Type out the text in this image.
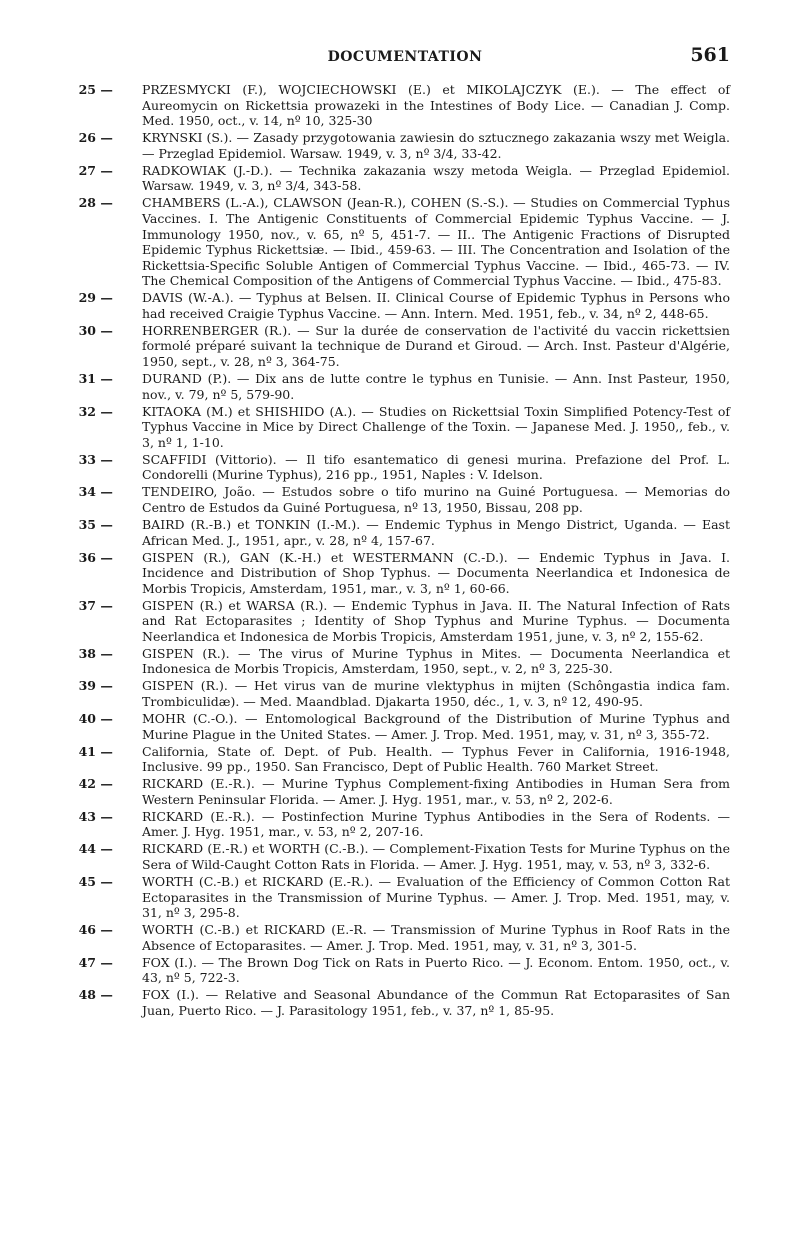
DOCUMENTATION	561
25 —	PRZESMYCKI (F.), WOJCIECHOWSKI (E.) et MIKOLAJCZYK (E.). — The effect of Aureomycin on Rickettsia prowazeki in the Intestines of Body Lice. — Canadian J. Comp. Med. 1950, oct., v. 14, nº 10, 325-30
26 —	KRYNSKI (S.). — Zasady przygotowania zawiesin do sztucznego zakazania wszy met Weigla. — Przeglad Epidemiol. Warsaw. 1949, v. 3, nº 3/4, 33-42.
27 —	RADKOWIAK (J.-D.). — Technika zakazania wszy metoda Weigla. — Przeglad Epidemiol. Warsaw. 1949, v. 3, nº 3/4, 343-58.
28 —	CHAMBERS (L.-A.), CLAWSON (Jean-R.), COHEN (S.-S.). — Studies on Commercial Typhus Vaccines. I. The Antigenic Constituents of Commercial Epidemic Typhus Vaccine. — J. Immunology 1950, nov., v. 65, nº 5, 451-7. — II.. The Antigenic Fractions of Disrupted Epidemic Typhus Rickettsiæ. — Ibid., 459-63. — III. The Concentration and Isolation of the Rickettsia-Specific Soluble Antigen of Commercial Typhus Vaccine. — Ibid., 465-73. — IV. The Chemical Composition of the Antigens of Commercial Typhus Vaccine. — Ibid., 475-83.
29 —	DAVIS (W.-A.). — Typhus at Belsen. II. Clinical Course of Epidemic Typhus in Persons who had received Craigie Typhus Vaccine. — Ann. Intern. Med. 1951, feb., v. 34, nº 2, 448-65.
30 —	HORRENBERGER (R.). — Sur la durée de conservation de l'activité du vaccin rickettsien formolé préparé suivant la technique de Durand et Giroud. — Arch. Inst. Pasteur d'Algérie, 1950, sept., v. 28, nº 3, 364-75.
31 —	DURAND (P.). — Dix ans de lutte contre le typhus en Tunisie. — Ann. Inst Pasteur, 1950, nov., v. 79, nº 5, 579-90.
32 —	KITAOKA (M.) et SHISHIDO (A.). — Studies on Rickettsial Toxin Simplified Potency-Test of Typhus Vaccine in Mice by Direct Challenge of the Toxin. — Japanese Med. J. 1950,, feb., v. 3, nº 1, 1-10.
33 —	SCAFFIDI (Vittorio). — Il tifo esantematico di genesi murina. Prefazione del Prof. L. Condorelli (Murine Typhus), 216 pp., 1951, Naples : V. Idelson.
34 —	TENDEIRO, João. — Estudos sobre o tifo murino na Guiné Portuguesa. — Memorias do Centro de Estudos da Guiné Portuguesa, nº 13, 1950, Bissau, 208 pp.
35 —	BAIRD (R.-B.) et TONKIN (I.-M.). — Endemic Typhus in Mengo District, Uganda. — East African Med. J., 1951, apr., v. 28, nº 4, 157-67.
36 —	GISPEN (R.), GAN (K.-H.) et WESTERMANN (C.-D.). — Endemic Typhus in Java. I. Incidence and Distribution of Shop Typhus. — Documenta Neerlandica et Indonesica de Morbis Tropicis, Amsterdam, 1951, mar., v. 3, nº 1, 60-66.
37 —	GISPEN (R.) et WARSA (R.). — Endemic Typhus in Java. II. The Natural Infection of Rats and Rat Ectoparasites ; Identity of Shop Typhus and Murine Typhus. — Documenta Neerlandica et Indonesica de Morbis Tropicis, Amsterdam 1951, june, v. 3, nº 2, 155-62.
38 —	GISPEN (R.). — The virus of Murine Typhus in Mites. — Documenta Neerlandica et Indonesica de Morbis Tropicis, Amsterdam, 1950, sept., v. 2, nº 3, 225-30.
39 —	GISPEN (R.). — Het virus van de murine vlektyphus in mijten (Schôngastia indica fam. Trombiculidæ). — Med. Maandblad. Djakarta 1950, déc., 1, v. 3, nº 12, 490-95.
40 —	MOHR (C.-O.). — Entomological Background of the Distribution of Murine Typhus and Murine Plague in the United States. — Amer. J. Trop. Med. 1951, may, v. 31, nº 3, 355-72.
41 —	California, State of. Dept. of Pub. Health. — Typhus Fever in California, 1916-1948, Inclusive. 99 pp., 1950. San Francisco, Dept of Public Health. 760 Market Street.
42 —	RICKARD (E.-R.). — Murine Typhus Complement-fixing Antibodies in Human Sera from Western Peninsular Florida. — Amer. J. Hyg. 1951, mar., v. 53, nº 2, 202-6.
43 —	RICKARD (E.-R.). — Postinfection Murine Typhus Antibodies in the Sera of Rodents. — Amer. J. Hyg. 1951, mar., v. 53, nº 2, 207-16.
44 —	RICKARD (E.-R.) et WORTH (C.-B.). — Complement-Fixation Tests for Murine Typhus on the Sera of Wild-Caught Cotton Rats in Florida. — Amer. J. Hyg. 1951, may, v. 53, nº 3, 332-6.
45 —	WORTH (C.-B.) et RICKARD (E.-R.). — Evaluation of the Efficiency of Common Cotton Rat Ectoparasites in the Transmission of Murine Typhus. — Amer. J. Trop. Med. 1951, may, v. 31, nº 3, 295-8.
46 —	WORTH (C.-B.) et RICKARD (E.-R. — Transmission of Murine Typhus in Roof Rats in the Absence of Ectoparasites. — Amer. J. Trop. Med. 1951, may, v. 31, nº 3, 301-5.
47 —	FOX (I.). — The Brown Dog Tick on Rats in Puerto Rico. — J. Econom. Entom. 1950, oct., v. 43, nº 5, 722-3.
48 —	FOX (I.). — Relative and Seasonal Abundance of the Commun Rat Ectoparasites of San Juan, Puerto Rico. — J. Parasitology 1951, feb., v. 37, nº 1, 85-95.
